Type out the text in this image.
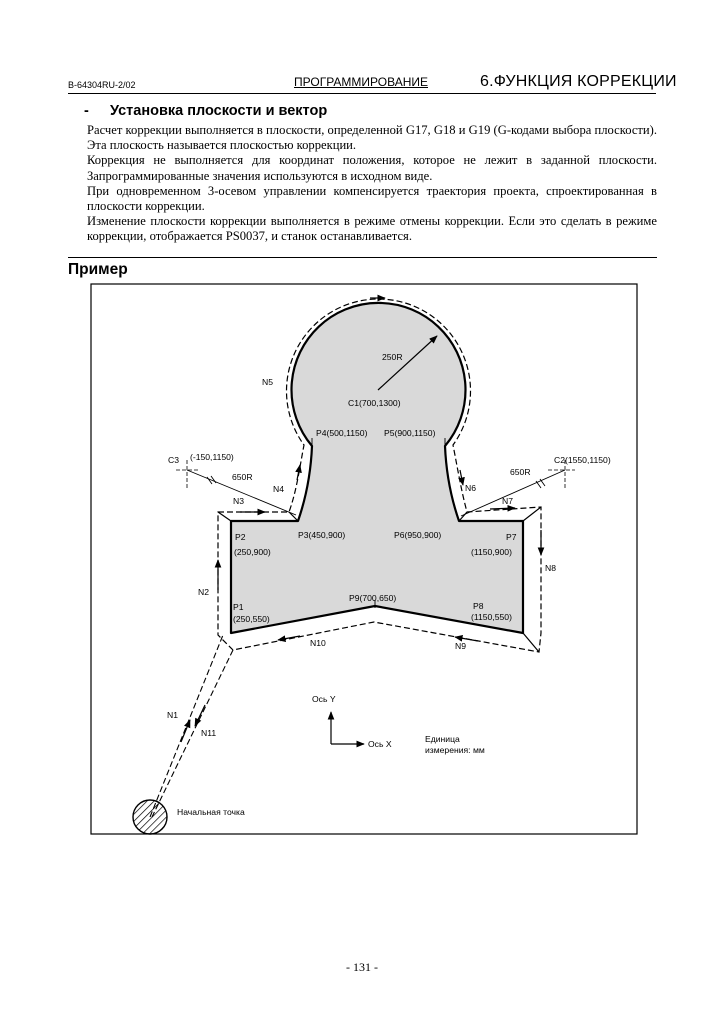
B-64304RU-2/02	ПРОГРАММИРОВАНИЕ	6.ФУНКЦИЯ КОРРЕКЦИИ
- Установка плоскости и вектор

Расчет коррекции выполняется в плоскости, определенной G17, G18 и G19 (G-кодами выбора плоскости). Эта плоскость называется плоскостью коррекции.

Коррекция не выполняется для координат положения, которое не лежит в заданной плоскости. Запрограммированные значения используются в исходном виде.

При одновременном 3-осевом управлении компенсируется траектория проекта, спроектированная в плоскости коррекции.

Изменение плоскости коррекции выполняется в режиме отмены коррекции. Если это сделать в режиме коррекции, отображается PS0037, и станок останавливается.

Пример
250R
N5
C1(700,1300)
P4(500,1150) P5(900,1150)
C3 (-150,1150)
650R
C2(1550,1150)
650R
N4	N6
N3	N7
P2
(250,900)
P3(450,900)	P6(950,900)	P7
(1150,900)
N8
N2
P9(700,650)
P1
(250,550)
P8
(1150,550)
N10	N9
Ось Y
N1
N11
Единица
Ось X
измерения: мм
Начальная точка
- 131 -
